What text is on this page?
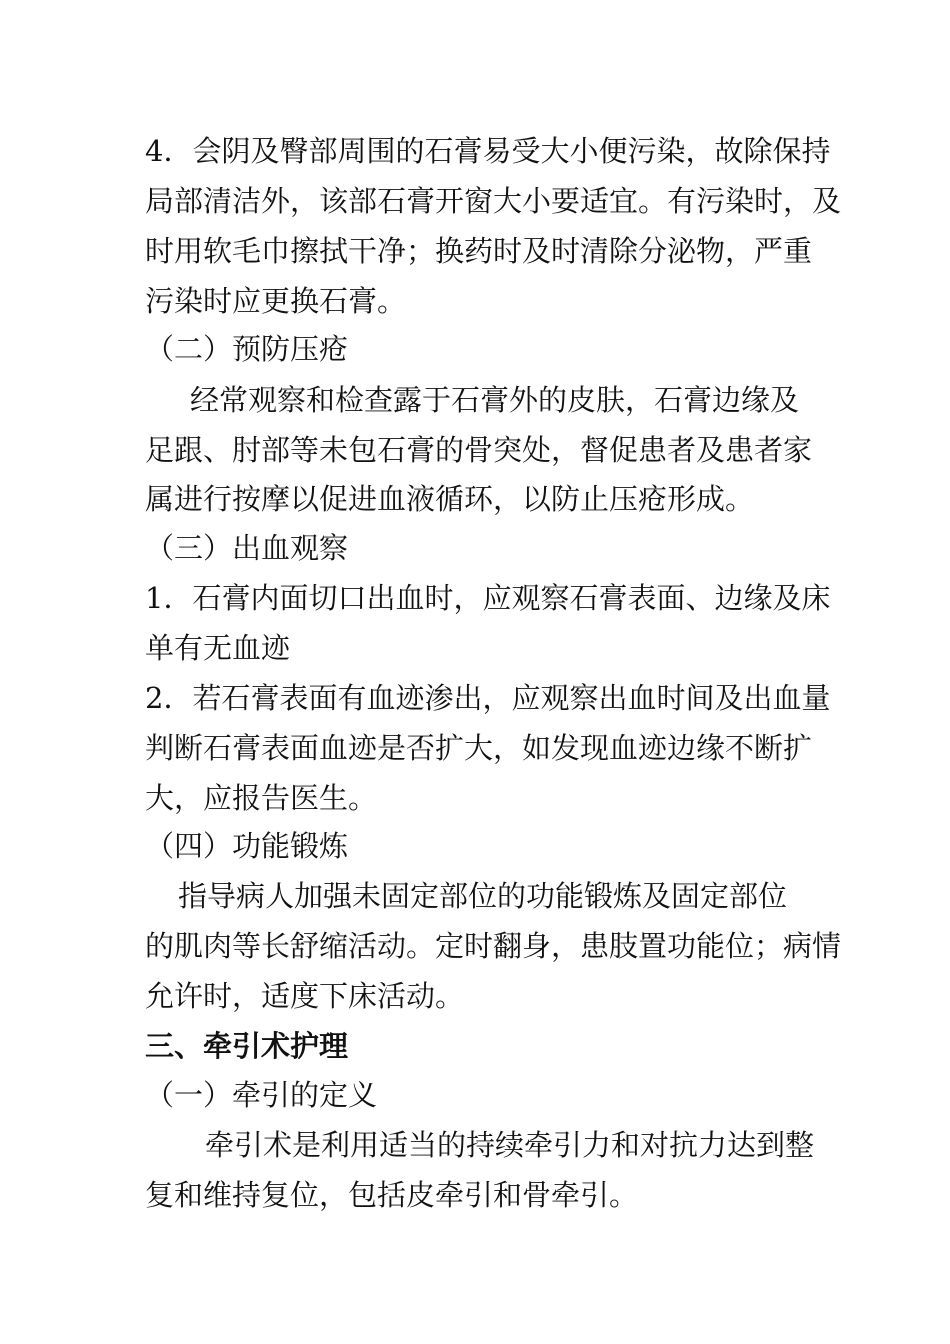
4．会阴及臀部周围的石膏易受大小便污染，故除保持
局部清洁外，该部石膏开窗大小要适宜。有污染时，及
时用软毛巾擦拭干净；换药时及时清除分泌物，严重
污染时应更换石膏。
（二）预防压疮
经常观察和检查露于石膏外的皮肤，石膏边缘及
足跟、肘部等未包石膏的骨突处，督促患者及患者家
属进行按摩以促进血液循环，以防止压疮形成。
（三）出血观察
1．石膏内面切口出血时，应观察石膏表面、边缘及床
单有无血迹
2．若石膏表面有血迹渗出，应观察出血时间及出血量
判断石膏表面血迹是否扩大，如发现血迹边缘不断扩
大，应报告医生。
（四）功能锻炼
指导病人加强未固定部位的功能锻炼及固定部位
的肌肉等长舒缩活动。定时翻身，患肢置功能位；病情
允许时，适度下床活动。
三、牵引术护理
（一）牵引的定义
牵引术是利用适当的持续牵引力和对抗力达到整
复和维持复位，包括皮牵引和骨牵引。
